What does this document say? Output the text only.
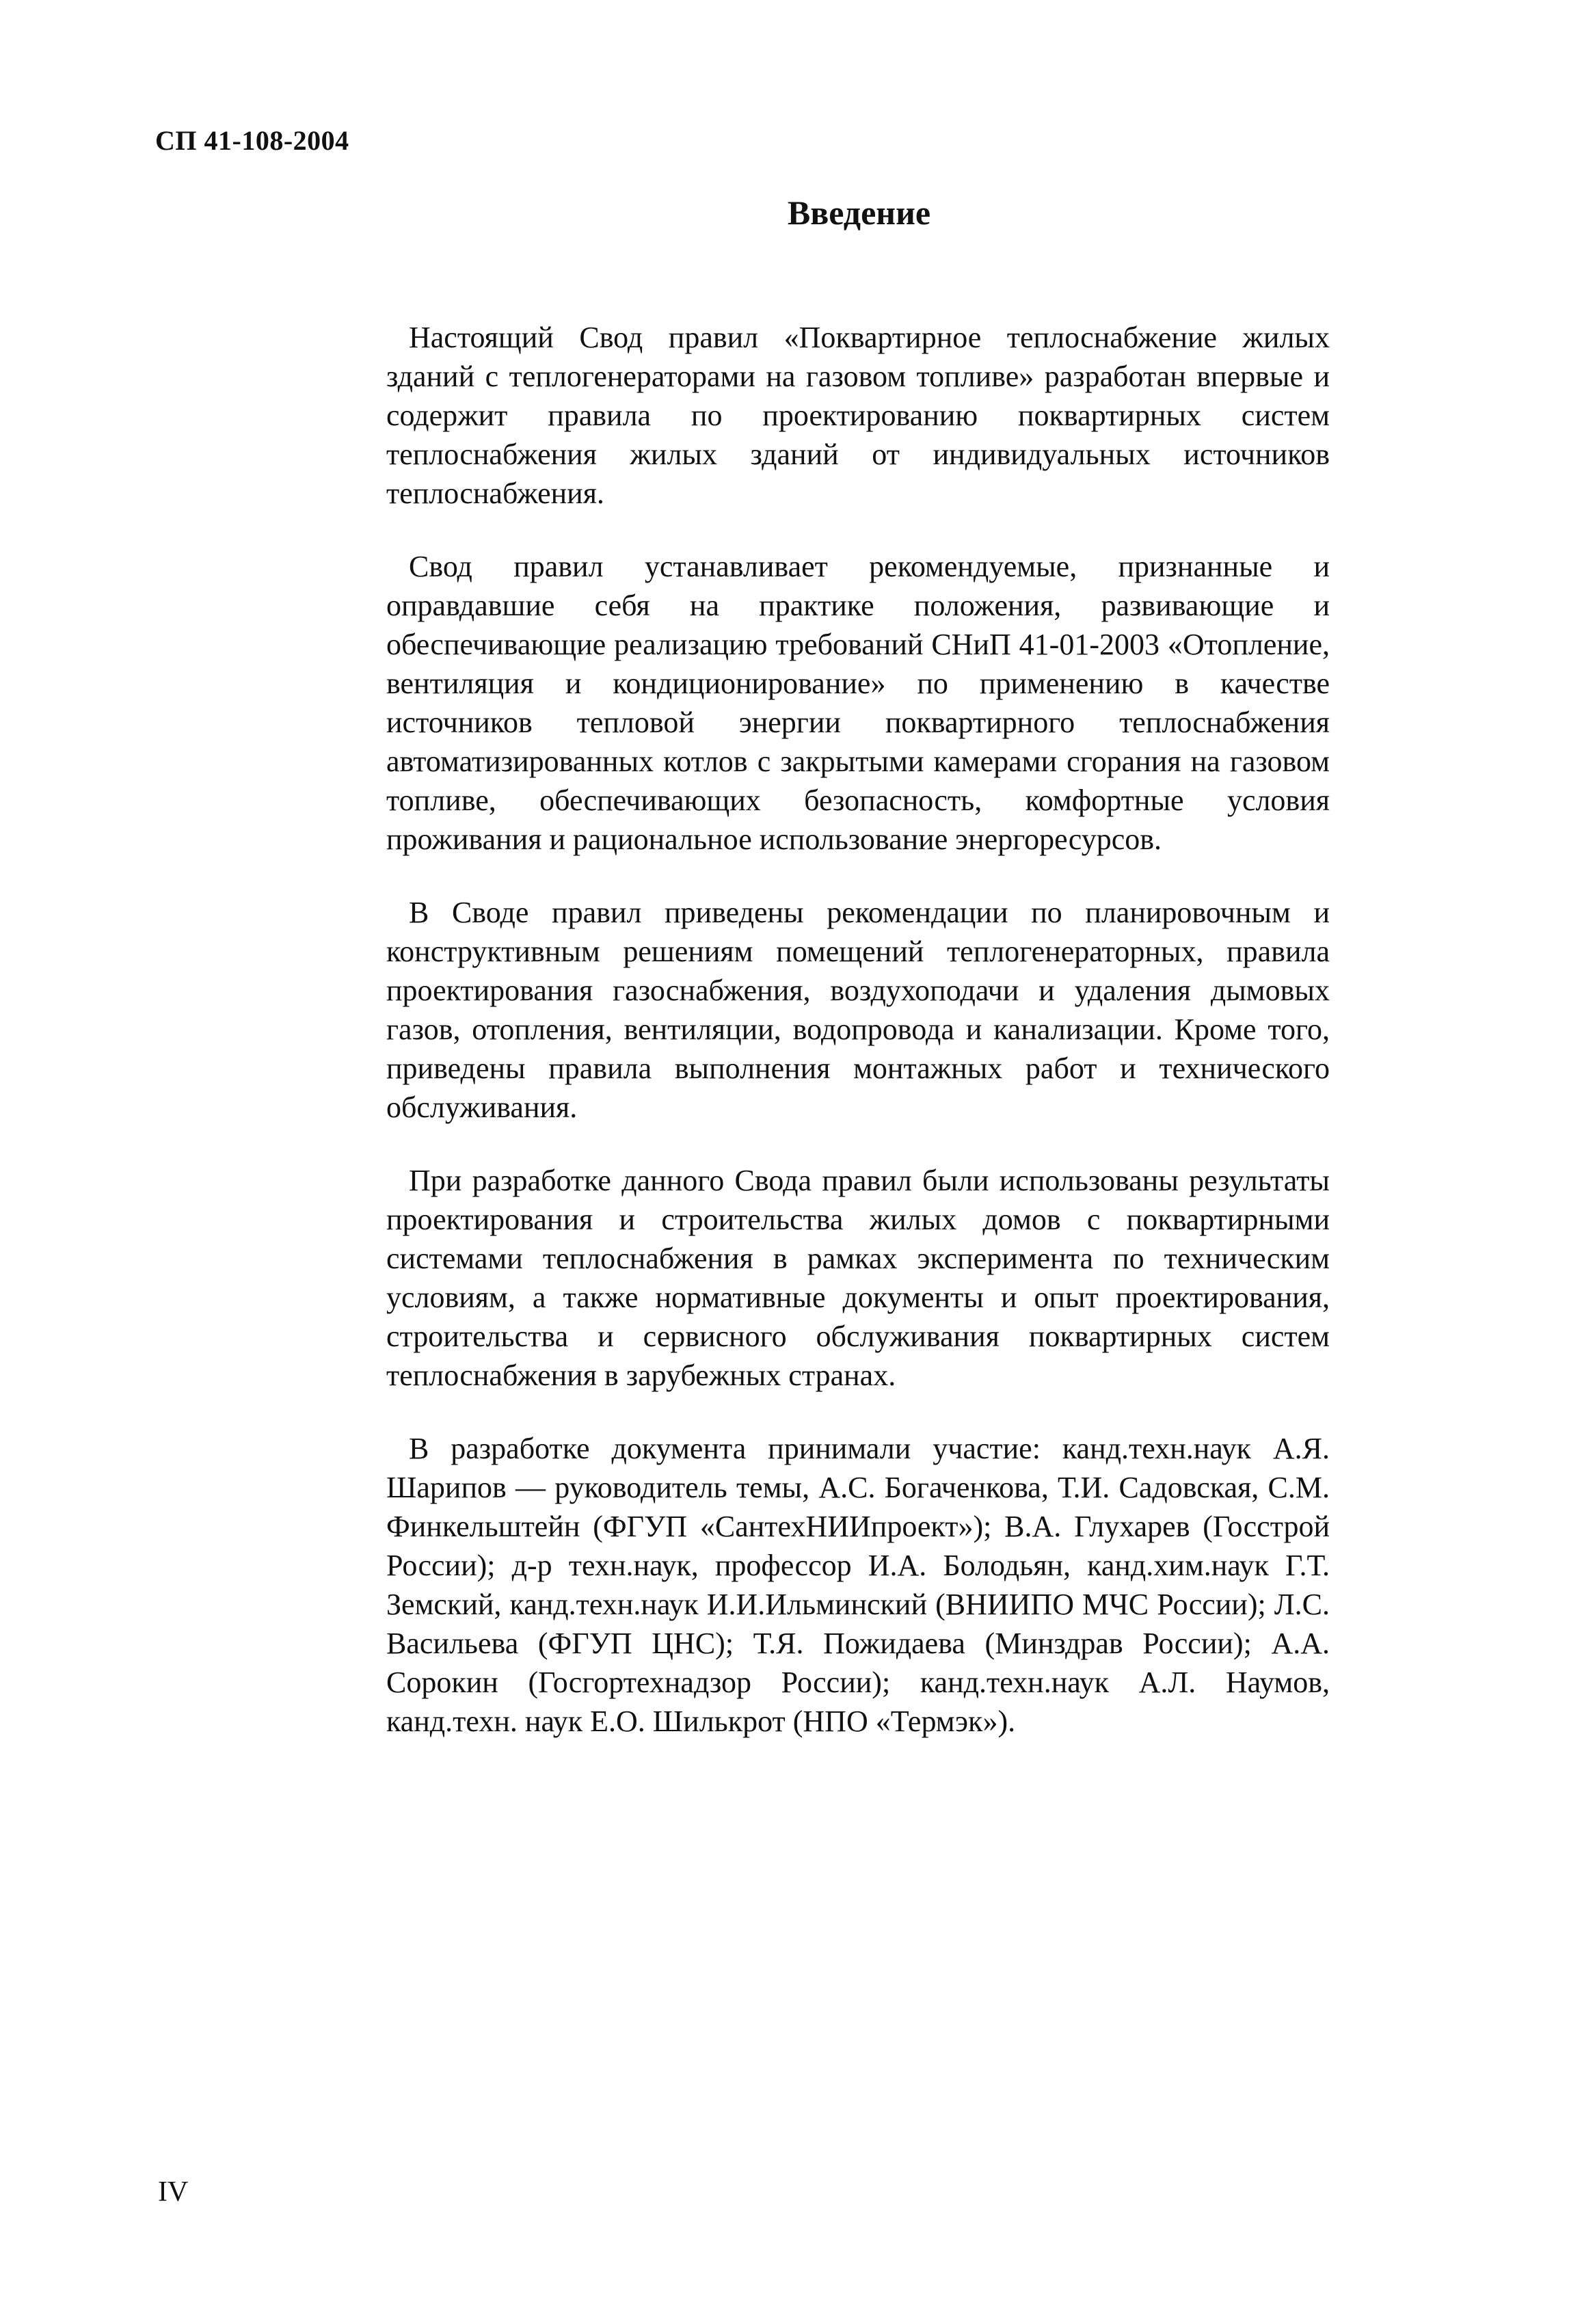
СП 41-108-2004
Введение

Настоящий Свод правил «Поквартирное теплоснабжение жилых зданий с теплогенераторами на газовом топливе» разработан впервые и содержит правила по проектированию поквартирных систем теплоснабжения жилых зданий от индивидуальных источников теплоснабжения.

Свод правил устанавливает рекомендуемые, признанные и оправдавшие себя на практике положения, развивающие и обеспечивающие реализацию требований СНиП 41-01-2003 «Отопление, вентиляция и кондиционирование» по применению в качестве источников тепловой энергии поквартирного теплоснабжения автоматизированных котлов с закрытыми камерами сгорания на газовом топливе, обеспечивающих безопасность, комфортные условия проживания и рациональное использование энергоресурсов.

В Своде правил приведены рекомендации по планировочным и конструктивным решениям помещений теплогенераторных, правила проектирования газоснабжения, воздухоподачи и удаления дымовых газов, отопления, вентиляции, водопровода и канализации. Кроме того, приведены правила выполнения монтажных работ и технического обслуживания.

При разработке данного Свода правил были использованы результаты проектирования и строительства жилых домов с поквартирными системами теплоснабжения в рамках эксперимента по техническим условиям, а также нормативные документы и опыт проектирования, строительства и сервисного обслуживания поквартирных систем теплоснабжения в зарубежных странах.

В разработке документа принимали участие: канд.техн.наук А.Я. Шарипов — руководитель темы, А.С. Богаченкова, Т.И. Садовская, С.М. Финкельштейн (ФГУП «СантехНИИпроект»); В.А. Глухарев (Госстрой России); д-р техн.наук, профессор И.А. Болодьян, канд.хим.наук Г.Т. Земский, канд.техн.наук И.И.Ильминский (ВНИИПО МЧС России); Л.С. Васильева (ФГУП ЦНС); Т.Я. Пожидаева (Минздрав России); А.А. Сорокин (Госгортехнадзор России); канд.техн.наук А.Л. Наумов, канд.техн. наук Е.О. Шилькрот (НПО «Термэк»).

IV
